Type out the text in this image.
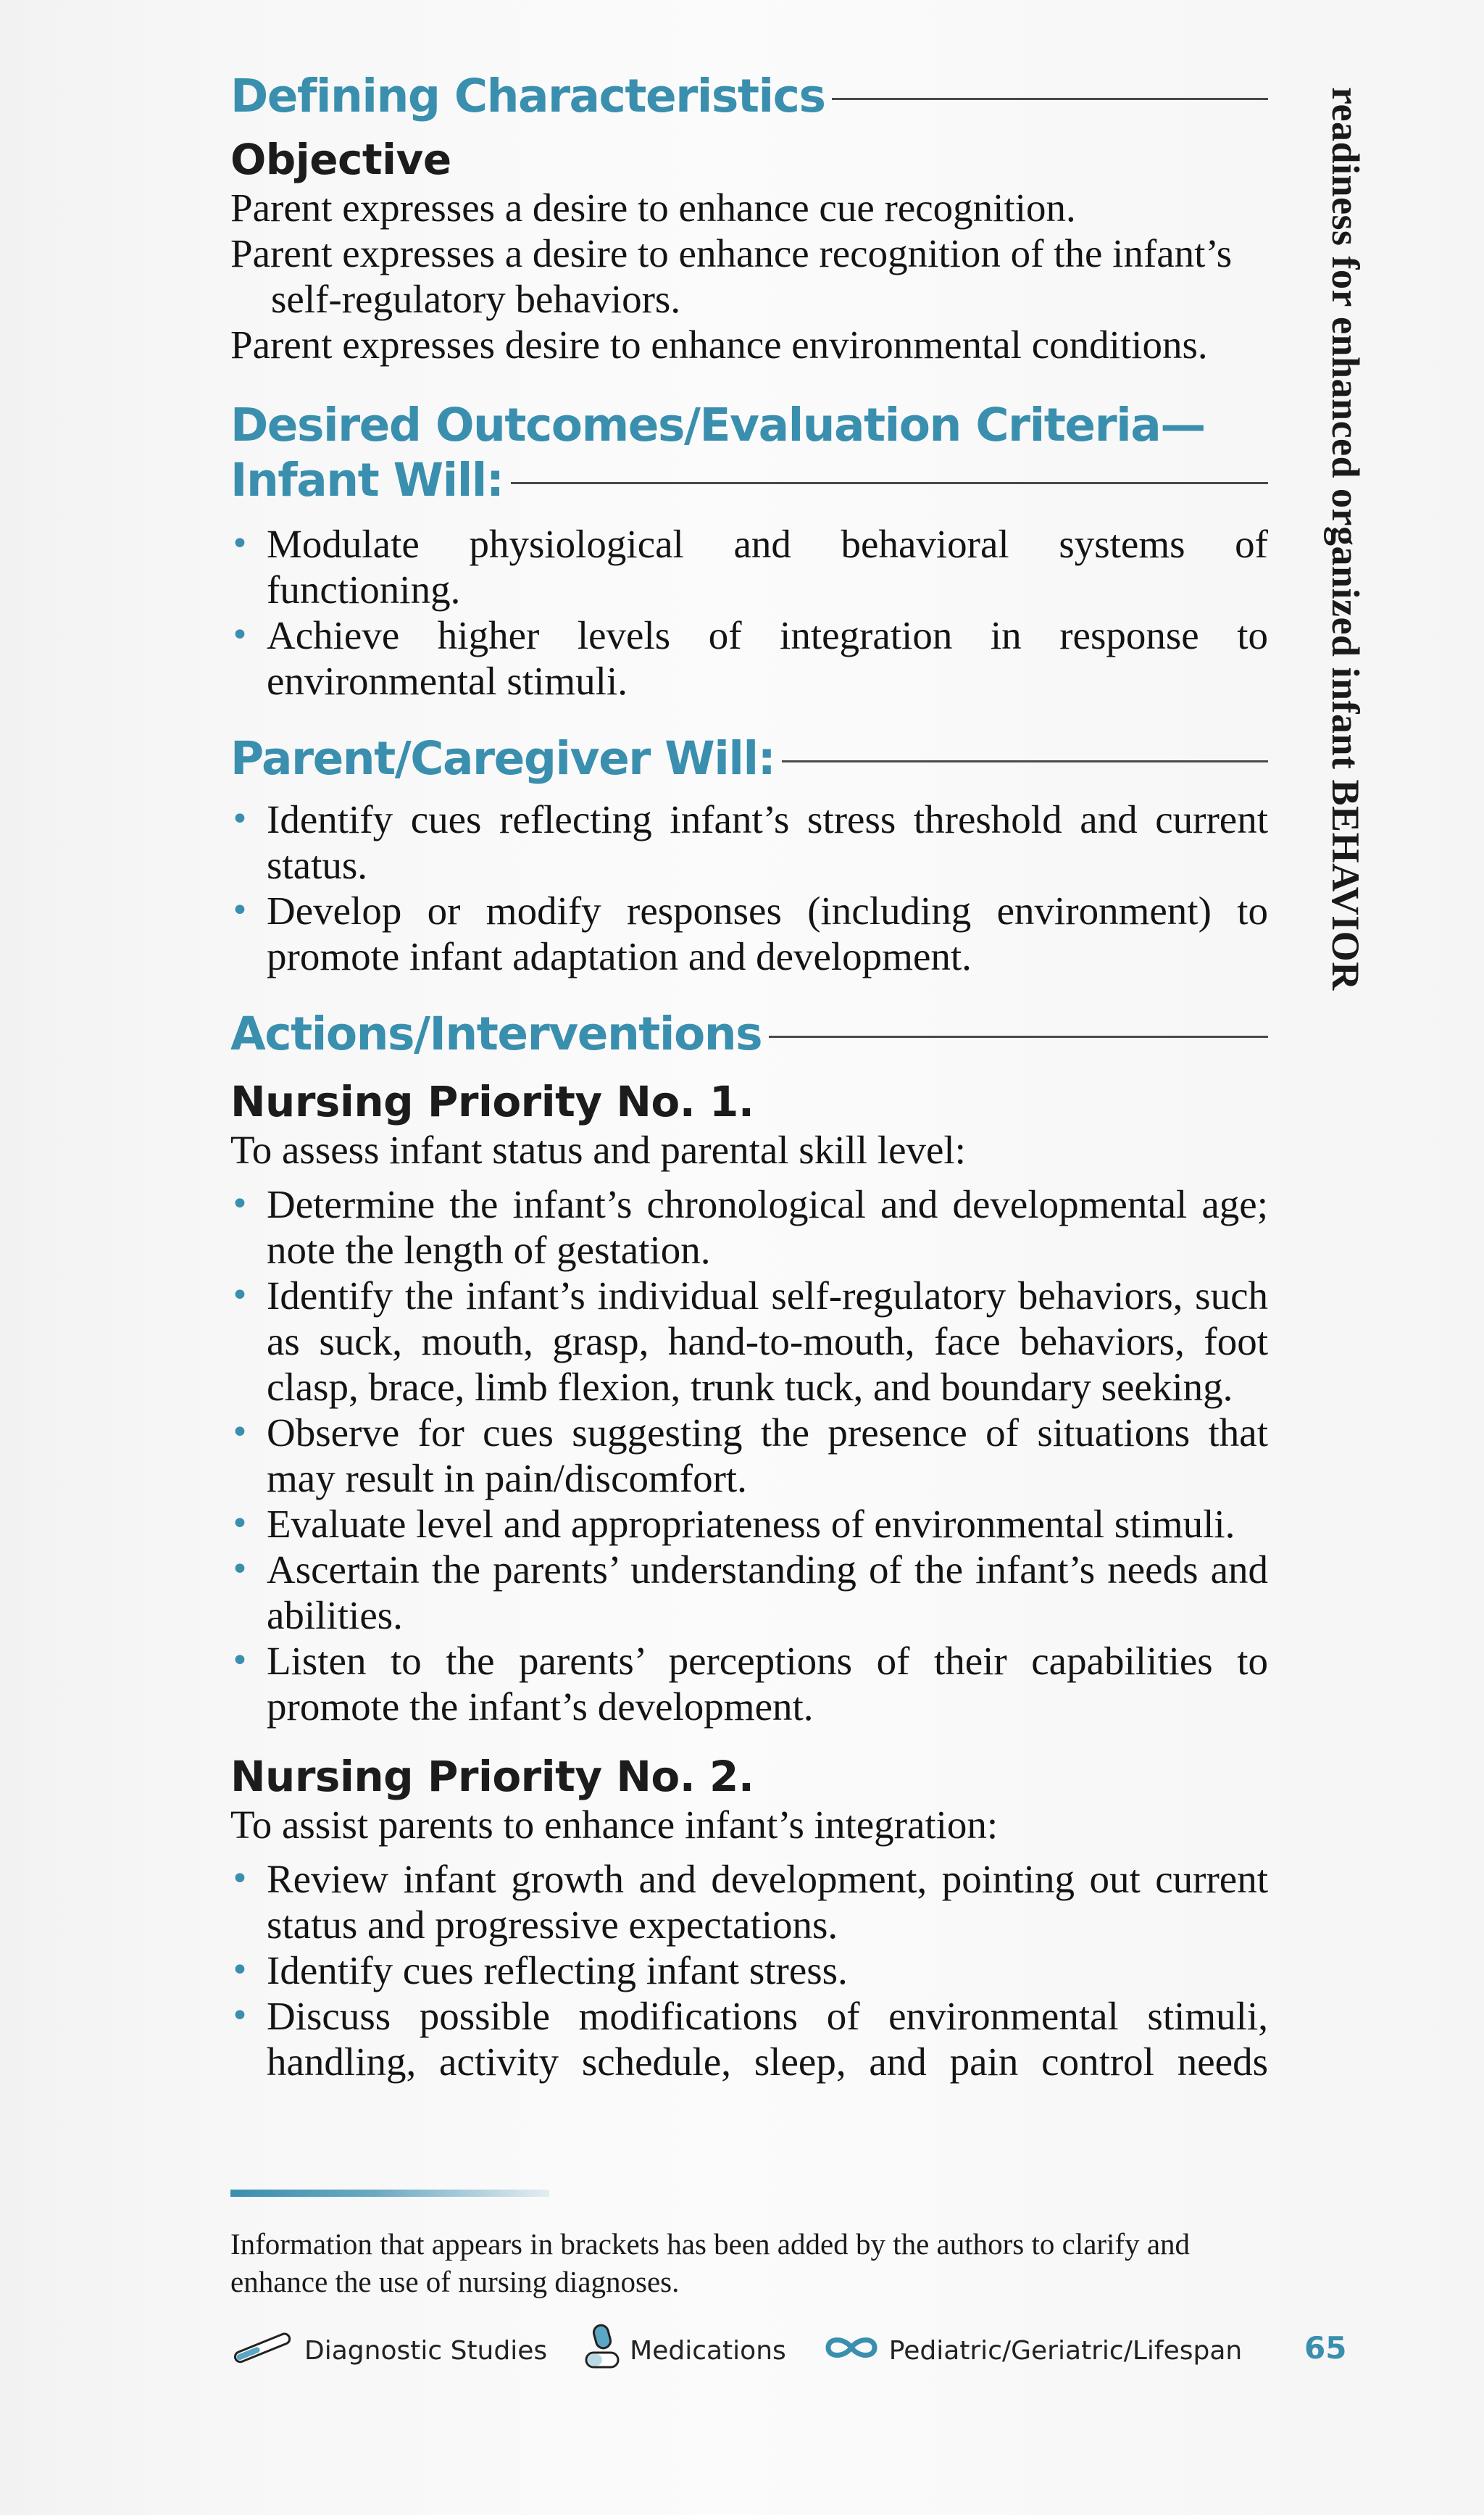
readiness for enhanced organized infant BEHAVIOR
Defining Characteristics
Objective
Parent expresses a desire to enhance cue recognition.
Parent expresses a desire to enhance recognition of the infant’s self-regulatory behaviors.
Parent expresses desire to enhance environmental conditions.
Desired Outcomes/Evaluation Criteria—
Infant Will:
• Modulate physiological and behavioral systems of functioning.
• Achieve higher levels of integration in response to environmental stimuli.
Parent/Caregiver Will:
• Identify cues reflecting infant’s stress threshold and current status.
• Develop or modify responses (including environment) to promote infant adaptation and development.
Actions/Interventions
Nursing Priority No. 1.
To assess infant status and parental skill level:
• Determine the infant’s chronological and developmental age; note the length of gestation.
• Identify the infant’s individual self-regulatory behaviors, such as suck, mouth, grasp, hand-to-mouth, face behaviors, foot clasp, brace, limb flexion, trunk tuck, and boundary seeking.
• Observe for cues suggesting the presence of situations that may result in pain/discomfort.
• Evaluate level and appropriateness of environmental stimuli.
• Ascertain the parents’ understanding of the infant’s needs and abilities.
• Listen to the parents’ perceptions of their capabilities to promote the infant’s development.
Nursing Priority No. 2.
To assist parents to enhance infant’s integration:
• Review infant growth and development, pointing out current status and progressive expectations.
• Identify cues reflecting infant stress.
• Discuss possible modifications of environmental stimuli, handling, activity schedule, sleep, and pain control needs
Information that appears in brackets has been added by the authors to clarify and enhance the use of nursing diagnoses.
Diagnostic Studies	Medications	Pediatric/Geriatric/Lifespan 65
